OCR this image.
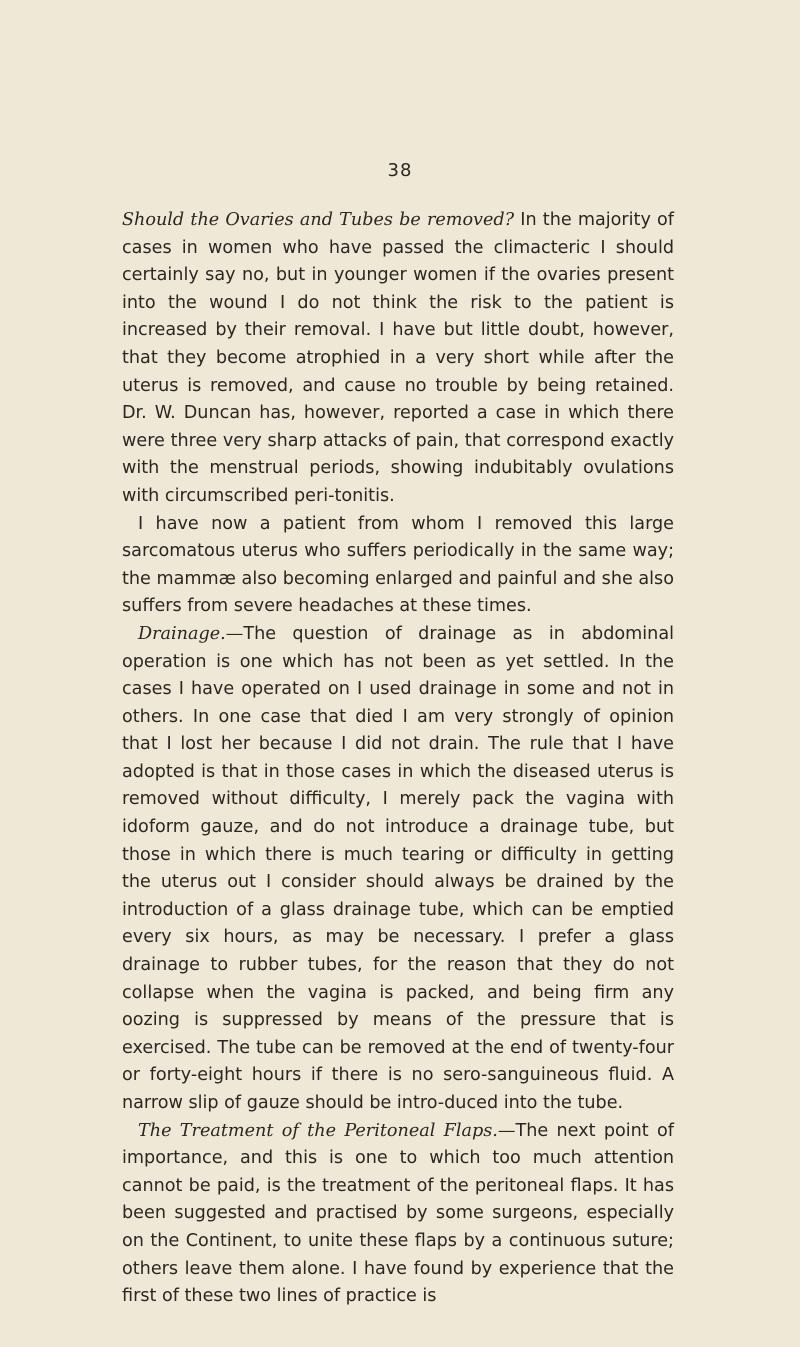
38

Should the Ovaries and Tubes be removed? In the majority of cases in women who have passed the climacteric I should certainly say no, but in younger women if the ovaries present into the wound I do not think the risk to the patient is increased by their removal. I have but little doubt, however, that they become atrophied in a very short while after the uterus is removed, and cause no trouble by being retained. Dr. W. Duncan has, however, reported a case in which there were three very sharp attacks of pain, that correspond exactly with the menstrual periods, showing indubitably ovulations with circumscribed peri-tonitis.

I have now a patient from whom I removed this large sarcomatous uterus who suffers periodically in the same way; the mammæ also becoming enlarged and painful and she also suffers from severe headaches at these times.

Drainage.—The question of drainage as in abdominal operation is one which has not been as yet settled. In the cases I have operated on I used drainage in some and not in others. In one case that died I am very strongly of opinion that I lost her because I did not drain. The rule that I have adopted is that in those cases in which the diseased uterus is removed without difficulty, I merely pack the vagina with idoform gauze, and do not introduce a drainage tube, but those in which there is much tearing or difficulty in getting the uterus out I consider should always be drained by the introduction of a glass drainage tube, which can be emptied every six hours, as may be necessary. I prefer a glass drainage to rubber tubes, for the reason that they do not collapse when the vagina is packed, and being firm any oozing is suppressed by means of the pressure that is exercised. The tube can be removed at the end of twenty-four or forty-eight hours if there is no sero-sanguineous fluid. A narrow slip of gauze should be intro-duced into the tube.

The Treatment of the Peritoneal Flaps.—The next point of importance, and this is one to which too much attention cannot be paid, is the treatment of the peritoneal flaps. It has been suggested and practised by some surgeons, especially on the Continent, to unite these flaps by a continuous suture; others leave them alone. I have found by experience that the first of these two lines of practice is
